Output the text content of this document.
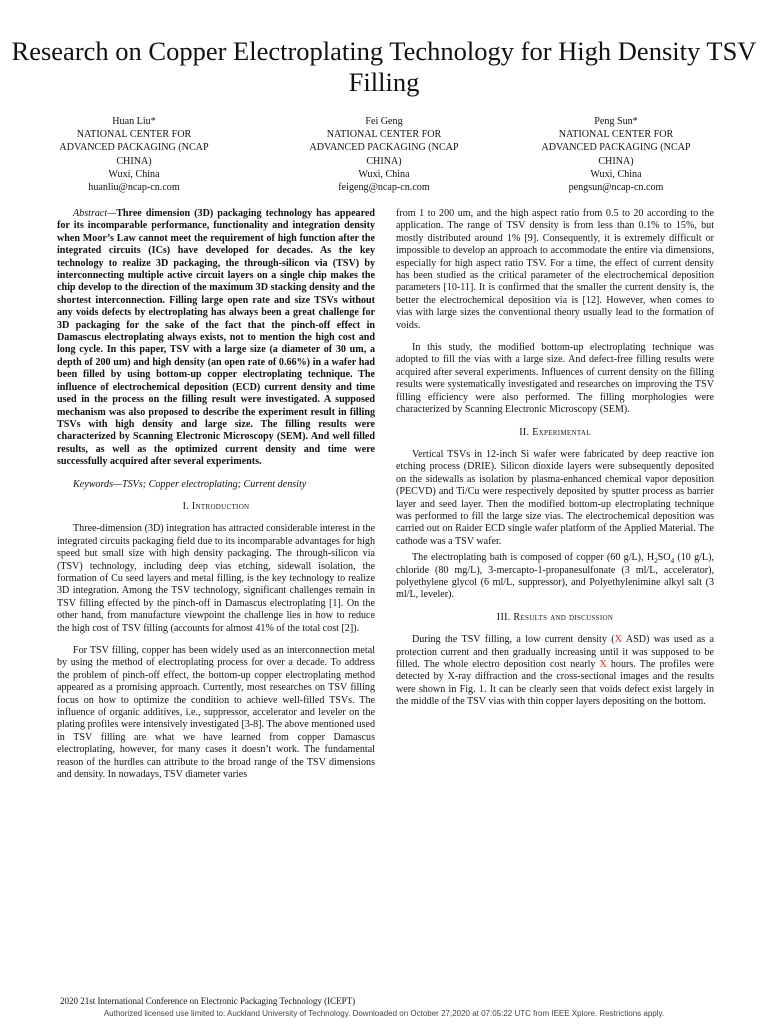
Research on Copper Electroplating Technology for High Density TSV Filling
Huan Liu*
NATIONAL CENTER FOR
ADVANCED PACKAGING (NCAP
CHINA)
Wuxi, China
huanliu@ncap-cn.com
Fei Geng
NATIONAL CENTER FOR
ADVANCED PACKAGING (NCAP
CHINA)
Wuxi, China
feigeng@ncap-cn.com
Peng Sun*
NATIONAL CENTER FOR
ADVANCED PACKAGING (NCAP
CHINA)
Wuxi, China
pengsun@ncap-cn.com

Abstract—Three dimension (3D) packaging technology has appeared for its incomparable performance, functionality and integration density when Moor’s Law cannot meet the requirement of high function after the integrated circuits (ICs) have developed for decades. As the key technology to realize 3D packaging, the through-silicon via (TSV) by interconnecting multiple active circuit layers on a single chip makes the chip develop to the direction of the maximum 3D stacking density and the shortest interconnection. Filling large open rate and size TSVs without any voids defects by electroplating has always been a great challenge for 3D packaging for the sake of the fact that the pinch-off effect in Damascus electroplating always exists, not to mention the high cost and long cycle. In this paper, TSV with a large size (a diameter of 30 um, a depth of 200 um) and high density (an open rate of 0.66%) in a wafer had been filled by using bottom-up copper electroplating technique. The influence of electrochemical deposition (ECD) current density and time used in the process on the filling result were investigated. A supposed mechanism was also proposed to describe the experiment result in filling TSVs with high density and large size. The filling results were characterized by Scanning Electronic Microscopy (SEM). And well filled results, as well as the optimized current density and time were successfully acquired after several experiments.

Keywords—TSVs; Copper electroplating; Current density

I. Introduction

Three-dimension (3D) integration has attracted considerable interest in the integrated circuits packaging field due to its incomparable advantages for high speed but small size with high density packaging. The through-silicon via (TSV) technology, including deep vias etching, sidewall isolation, the formation of Cu seed layers and metal filling, is the key technology to realize 3D integration. Among the TSV technology, significant challenges remain in TSV filling effected by the pinch-off in Damascus electroplating [1]. On the other hand, from manufacture viewpoint the challenge lies in how to reduce the high cost of TSV filling (accounts for almost 41% of the total cost [2]).

For TSV filling, copper has been widely used as an interconnection metal by using the method of electroplating process for over a decade. To address the problem of pinch-off effect, the bottom-up copper electroplating method appeared as a promising approach. Currently, most researches on TSV filling focus on how to optimize the condition to achieve well-filled TSVs. The influence of organic additives, i.e., suppressor, accelerator and leveler on the plating profiles were intensively investigated [3-8]. The above mentioned used in TSV filling are what we have learned from copper Damascus electroplating, however, for many cases it doesn’t work. The fundamental reason of the hurdles can attribute to the broad range of the TSV dimensions and density. In nowadays, TSV diameter varies

from 1 to 200 um, and the high aspect ratio from 0.5 to 20 according to the application. The range of TSV density is from less than 0.1% to 15%, but mostly distributed around 1% [9]. Consequently, it is extremely difficult or impossible to develop an approach to accommodate the entire via dimensions, especially for high aspect ratio TSV. For a time, the effect of current density has been studied as the critical parameter of the electrochemical deposition parameters [10-11]. It is confirmed that the smaller the current density is, the better the electrochemical deposition via is [12]. However, when comes to vias with large sizes the conventional theory usually lead to the formation of voids.

In this study, the modified bottom-up electroplating technique was adopted to fill the vias with a large size. And defect-free filling results were acquired after several experiments. Influences of current density on the filling results were systematically investigated and researches on improving the TSV filling efficiency were also performed. The filling morphologies were characterized by Scanning Electronic Microscopy (SEM).

II. Experimental

Vertical TSVs in 12-inch Si wafer were fabricated by deep reactive ion etching process (DRIE). Silicon dioxide layers were subsequently deposited on the sidewalls as isolation by plasma-enhanced chemical vapor deposition (PECVD) and Ti/Cu were respectively deposited by sputter process as barrier layer and seed layer. Then the modified bottom-up electroplating technique was performed to fill the large size vias. The electrochemical deposition was carried out on Raider ECD single wafer platform of the Applied Material. The cathode was a TSV wafer.

The electroplating bath is composed of copper (60 g/L), $H_2SO_4$ (10 g/L), chloride (80 mg/L), 3-mercapto-1-propanesulfonate (3 ml/L, accelerator), polyethylene glycol (6 ml/L, suppressor), and Polyethylenimine alkyl salt (3 ml/L, leveler).

III. Results and discussion

During the TSV filling, a low current density (X ASD) was used as a protection current and then gradually increasing until it was supposed to be filled. The whole electro deposition cost nearly X hours. The profiles were detected by X-ray diffraction and the cross-sectional images and the results were shown in Fig. 1. It can be clearly seen that voids defect exist largely in the middle of the TSV vias with thin copper layers depositing on the bottom.

2020 21st International Conference on Electronic Packaging Technology (ICEPT)
Authorized licensed use limited to: Auckland University of Technology. Downloaded on October 27,2020 at 07:05:22 UTC from IEEE Xplore. Restrictions apply.
